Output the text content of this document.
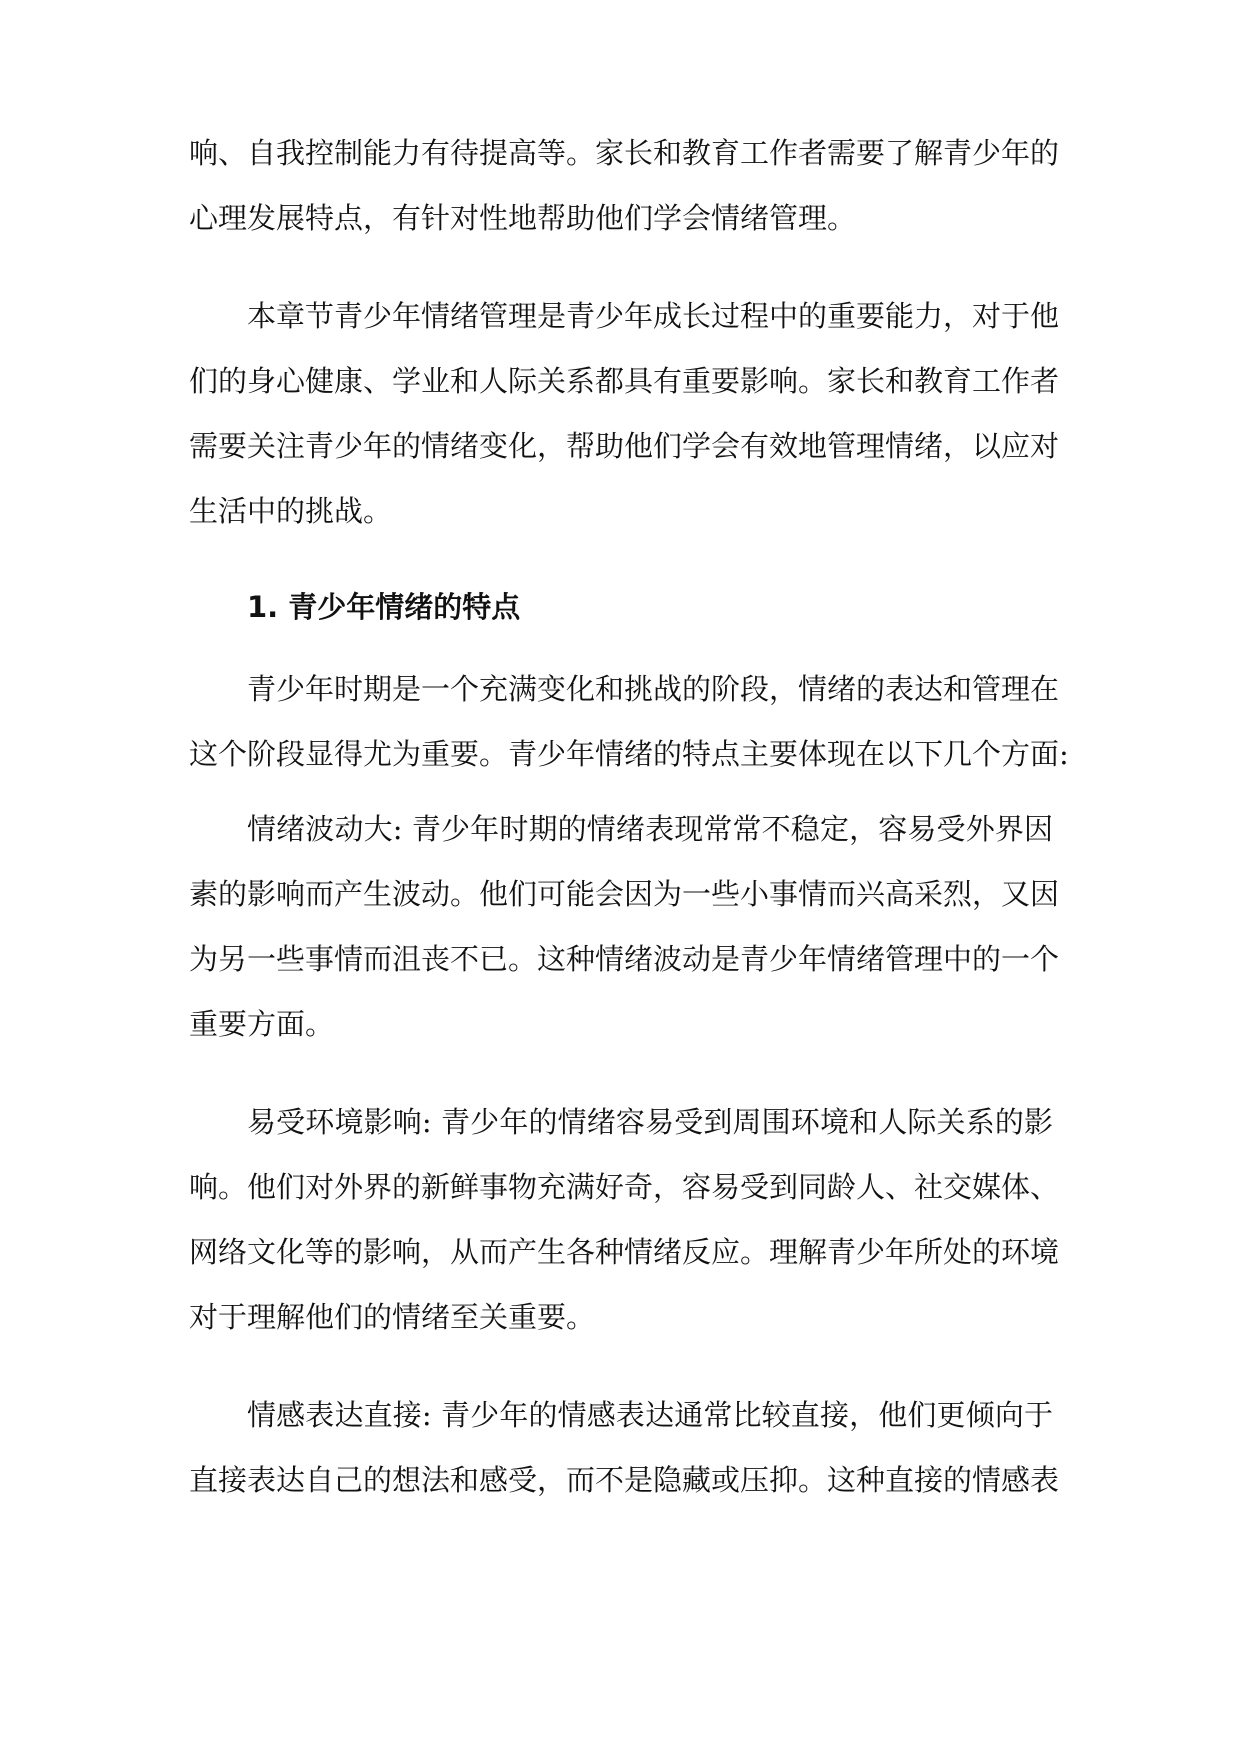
响、自我控制能力有待提高等。家长和教育工作者需要了解青少年的
心理发展特点，有针对性地帮助他们学会情绪管理。
本章节青少年情绪管理是青少年成长过程中的重要能力，对于他
们的身心健康、学业和人际关系都具有重要影响。家长和教育工作者
需要关注青少年的情绪变化，帮助他们学会有效地管理情绪，以应对
生活中的挑战。
1. 青少年情绪的特点
青少年时期是一个充满变化和挑战的阶段，情绪的表达和管理在
这个阶段显得尤为重要。青少年情绪的特点主要体现在以下几个方面:
情绪波动大: 青少年时期的情绪表现常常不稳定，容易受外界因
素的影响而产生波动。他们可能会因为一些小事情而兴高采烈，又因
为另一些事情而沮丧不已。这种情绪波动是青少年情绪管理中的一个
重要方面。
易受环境影响: 青少年的情绪容易受到周围环境和人际关系的影
响。他们对外界的新鲜事物充满好奇，容易受到同龄人、社交媒体、
网络文化等的影响，从而产生各种情绪反应。理解青少年所处的环境
对于理解他们的情绪至关重要。
情感表达直接: 青少年的情感表达通常比较直接，他们更倾向于
直接表达自己的想法和感受，而不是隐藏或压抑。这种直接的情感表
